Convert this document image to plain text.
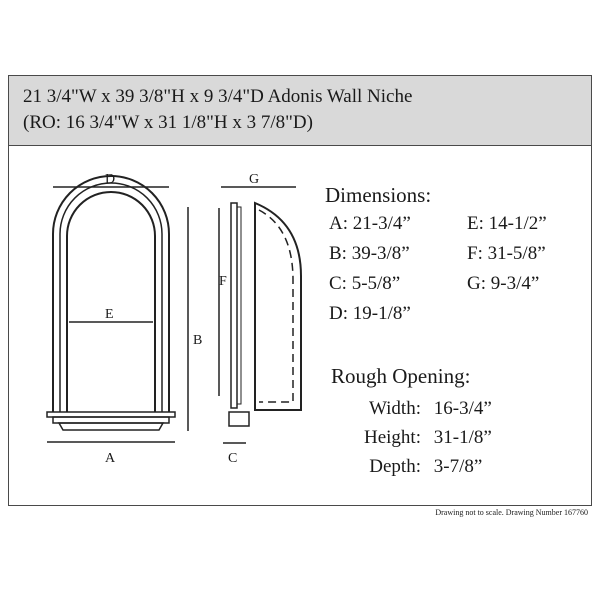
21 3/4"W x 39 3/8"H x 9 3/4"D Adonis Wall Niche
(RO: 16 3/4"W x 31 1/8"H x 3 7/8"D)
D
E
A
B
F
G
C
Dimensions:
A: 21-3/4”
B: 39-3/8”
C: 5-5/8”
D: 19-1/8”
E: 14-1/2”
F: 31-5/8”
G: 9-3/4”
Rough Opening:
Width: 16-3/4”
Height: 31-1/8”
Depth: 3-7/8”
Drawing not to scale. Drawing Number 167760
